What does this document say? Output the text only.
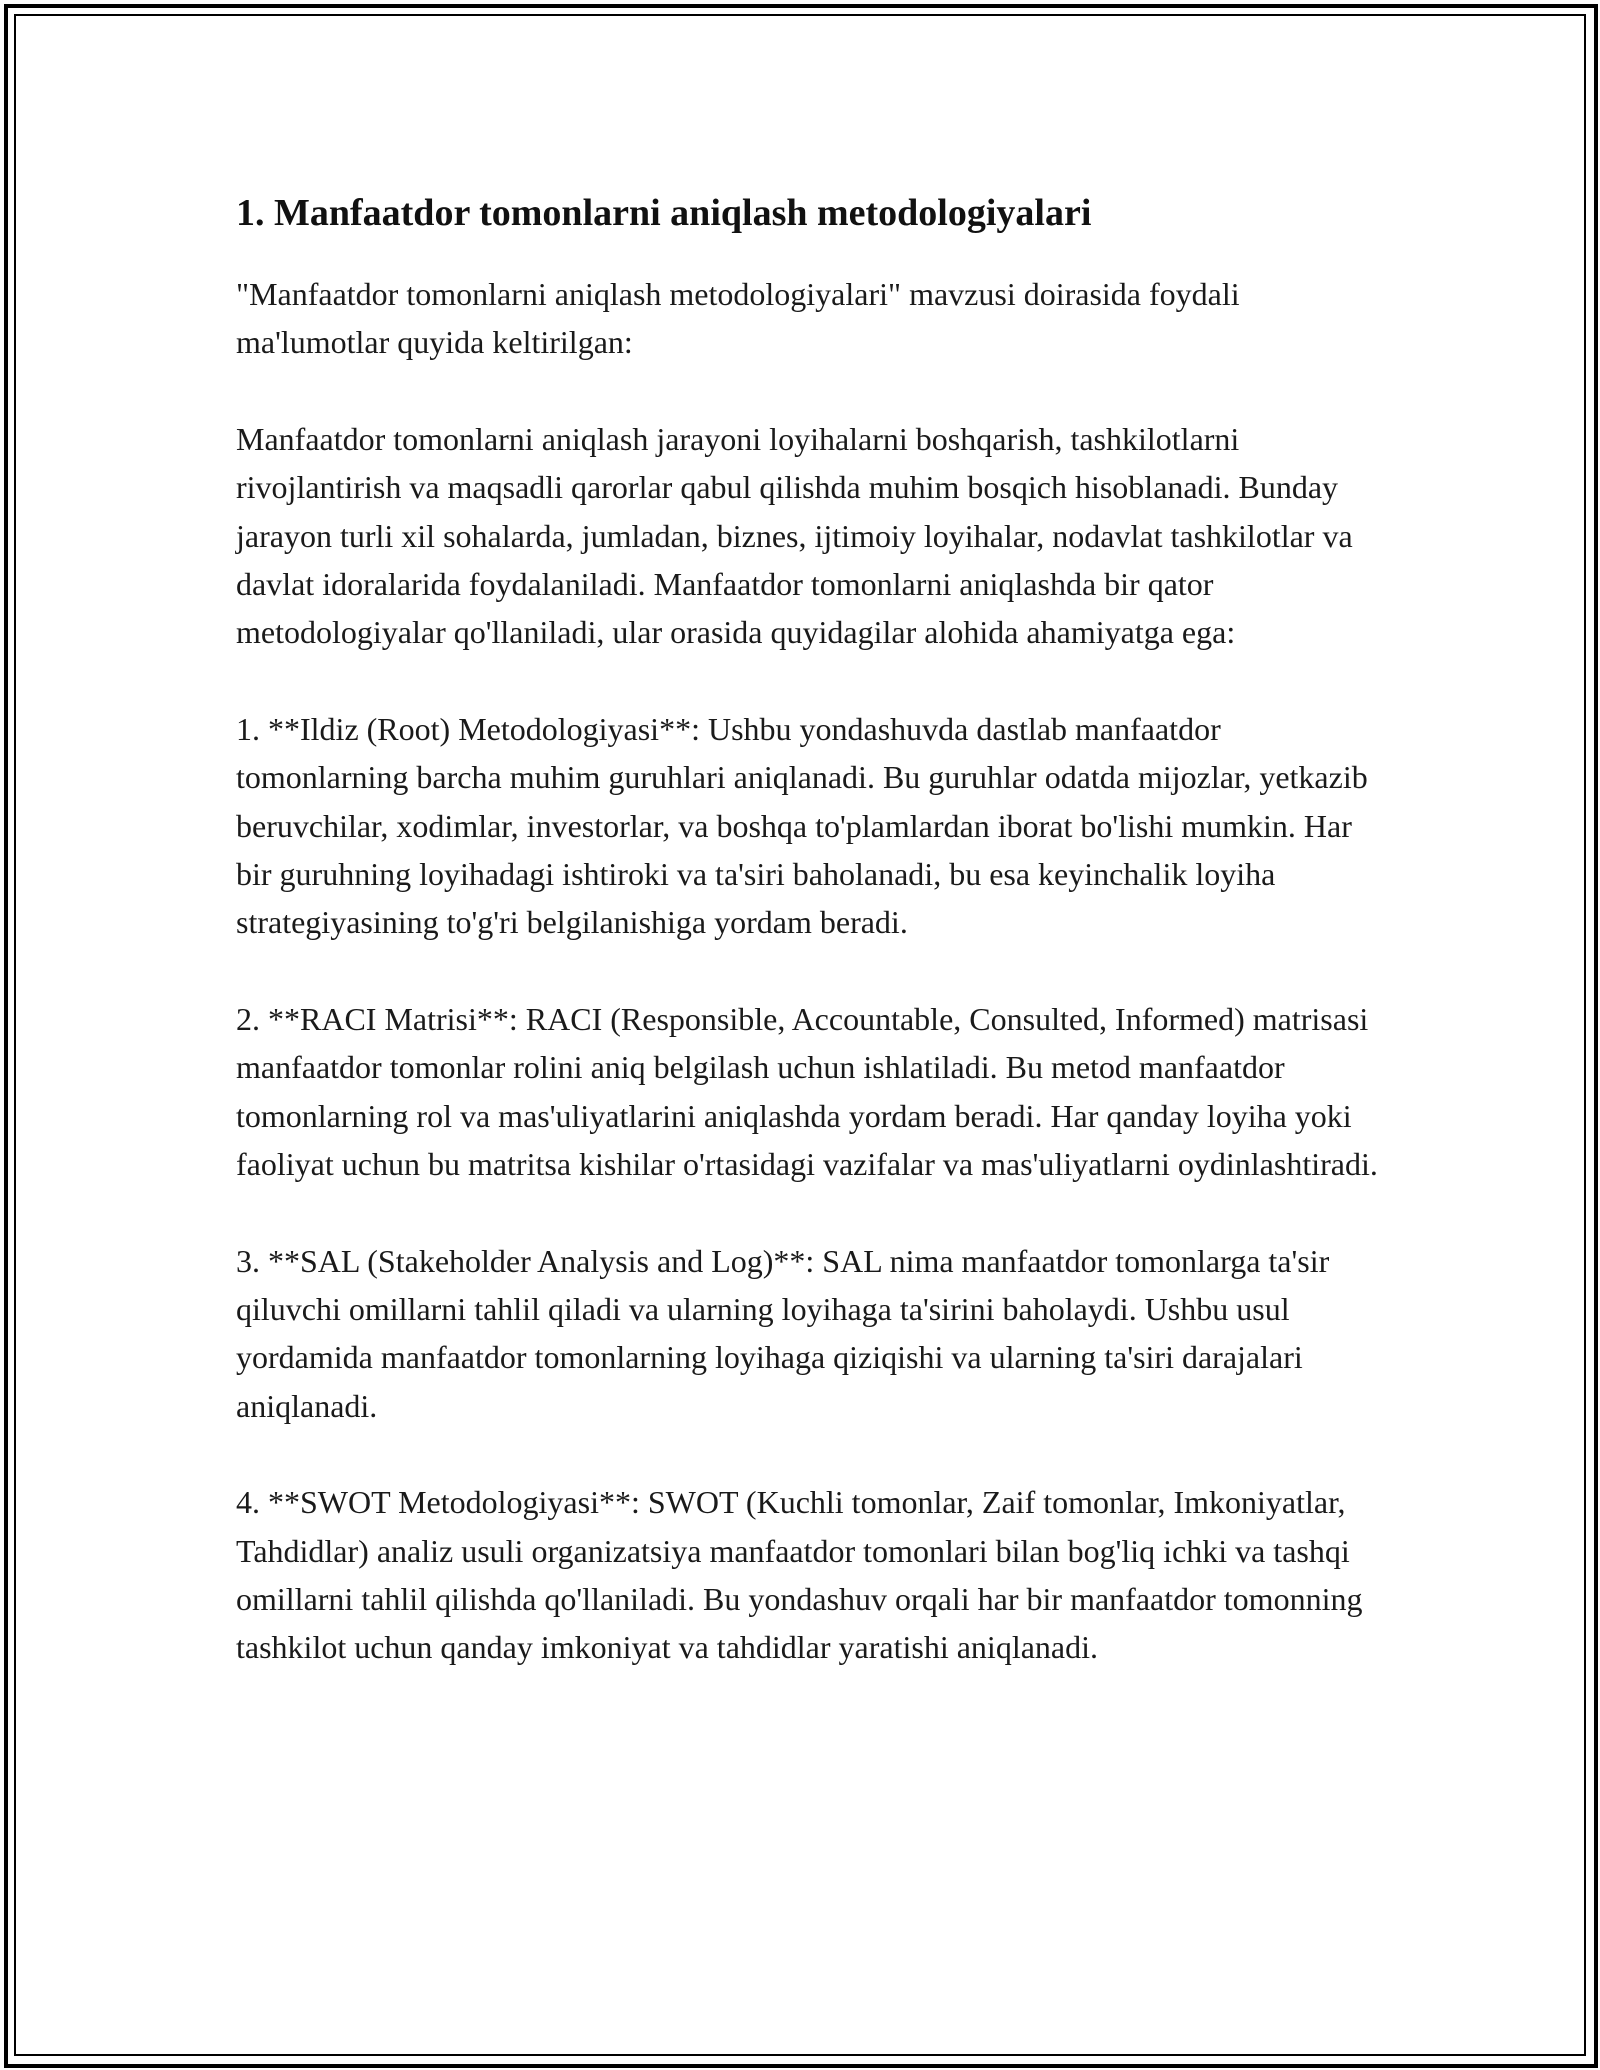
1. Manfaatdor tomonlarni aniqlash metodologiyalari

"Manfaatdor tomonlarni aniqlash metodologiyalari" mavzusi doirasida foydali ma'lumotlar quyida keltirilgan:

Manfaatdor tomonlarni aniqlash jarayoni loyihalarni boshqarish, tashkilotlarni rivojlantirish va maqsadli qarorlar qabul qilishda muhim bosqich hisoblanadi. Bunday jarayon turli xil sohalarda, jumladan, biznes, ijtimoiy loyihalar, nodavlat tashkilotlar va davlat idoralarida foydalaniladi. Manfaatdor tomonlarni aniqlashda bir qator metodologiyalar qo'llaniladi, ular orasida quyidagilar alohida ahamiyatga ega:

1. **Ildiz (Root) Metodologiyasi**: Ushbu yondashuvda dastlab manfaatdor tomonlarning barcha muhim guruhlari aniqlanadi. Bu guruhlar odatda mijozlar, yetkazib beruvchilar, xodimlar, investorlar, va boshqa to'plamlardan iborat bo'lishi mumkin. Har bir guruhning loyihadagi ishtiroki va ta'siri baholanadi, bu esa keyinchalik loyiha strategiyasining to'g'ri belgilanishiga yordam beradi.

2. **RACI Matrisi**: RACI (Responsible, Accountable, Consulted, Informed) matrisasi manfaatdor tomonlar rolini aniq belgilash uchun ishlatiladi. Bu metod manfaatdor tomonlarning rol va mas'uliyatlarini aniqlashda yordam beradi. Har qanday loyiha yoki faoliyat uchun bu matritsa kishilar o'rtasidagi vazifalar va mas'uliyatlarni oydinlashtiradi.

3. **SAL (Stakeholder Analysis and Log)**: SAL nima manfaatdor tomonlarga ta'sir qiluvchi omillarni tahlil qiladi va ularning loyihaga ta'sirini baholaydi. Ushbu usul yordamida manfaatdor tomonlarning loyihaga qiziqishi va ularning ta'siri darajalari aniqlanadi.

4. **SWOT Metodologiyasi**: SWOT (Kuchli tomonlar, Zaif tomonlar, Imkoniyatlar, Tahdidlar) analiz usuli organizatsiya manfaatdor tomonlari bilan bog'liq ichki va tashqi omillarni tahlil qilishda qo'llaniladi. Bu yondashuv orqali har bir manfaatdor tomonning tashkilot uchun qanday imkoniyat va tahdidlar yaratishi aniqlanadi.
